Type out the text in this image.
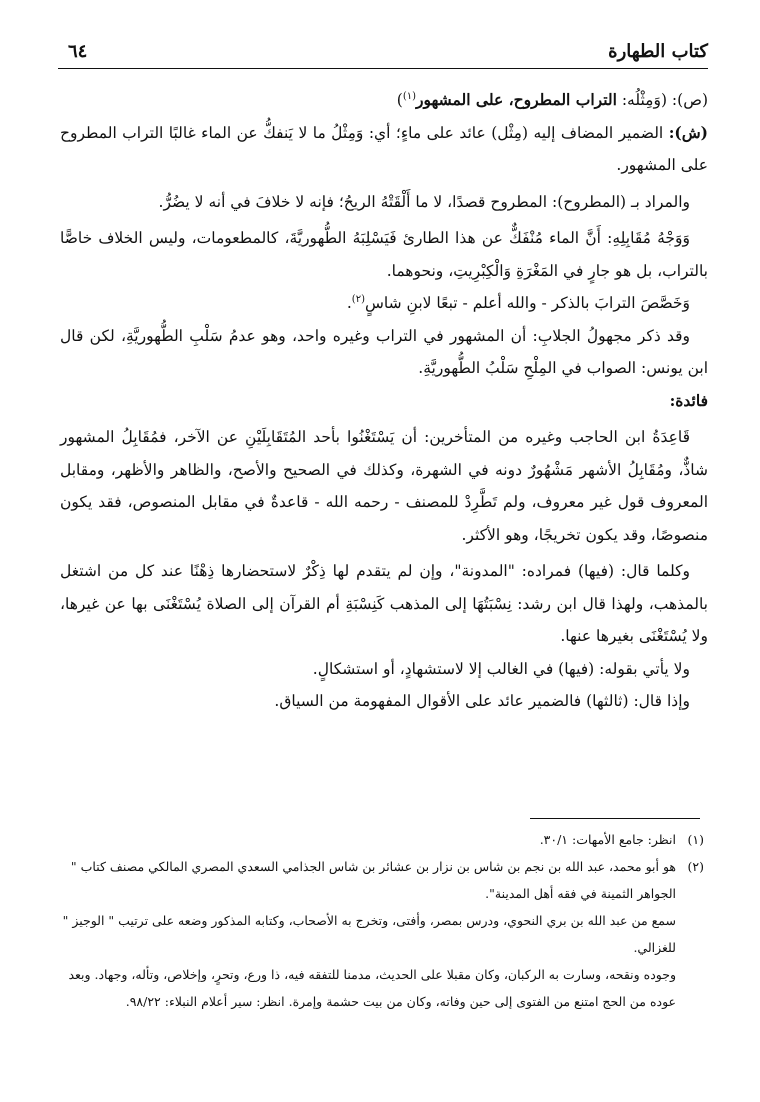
كتاب الطهارة
٦٤

(ص): (وَمِثْلُه: التراب المطروح، على المشهور$^{(١)}$)

(ش): الضمير المضاف إليه (مِثْل) عائد على ماءٍ؛ أي: وَمِثْلُ ما لا يَنفكُّ عن الماء غالبًا التراب المطروح على المشهور.

والمراد بـ (المطروح): المطروح قصدًا، لا ما أَلْقَتْهُ الريحُ؛ فإنه لا خلافَ في أنه لا يضُرُّ.

وَوَجْهُ مُقَابِلِهِ: أَنَّ الماء مُنْفَكٌّ عن هذا الطارئ فَيَسْلِبَهُ الطُّهوريَّةَ، كالمطعومات، وليس الخلاف خاصًّا بالتراب، بل هو جارٍ في المَغْرَةِ وَالْكِبْرِيتِ، ونحوهما.

وَخَصَّصَ الترابَ بالذكر - والله أعلم - تبعًا لابنِ شاسٍ$^{(٢)}$.

وقد ذكر مجهولُ الجلابِ: أن المشهور في التراب وغيره واحد، وهو عدمُ سَلْبِ الطُّهوريَّةِ، لكن قال ابن يونس: الصواب في المِلْحِ سَلْبُ الطُّهوريَّةِ.

فائدة:

قَاعِدَةُ ابن الحاجب وغيره من المتأخرين: أن يَسْتَغْنُوا بأحد المُتَقَابِلَيْنِ عن الآخر، فمُقَابِلُ المشهور شاذٌّ، ومُقَابِلُ الأشهر مَشْهُورٌ دونه في الشهرة، وكذلك في الصحيح والأصح، والظاهر والأظهر، ومقابل المعروف قول غير معروف، ولم تَطَّرِدْ للمصنف - رحمه الله - قاعدةٌ في مقابل المنصوص، فقد يكون منصوصًا، وقد يكون تخريجًا، وهو الأكثر.

وكلما قال: (فيها) فمراده: "المدونة"، وإن لم يتقدم لها ذِكْرٌ لاستحضارها ذِهْنًا عند كل من اشتغل بالمذهب، ولهذا قال ابن رشد: نِسْبَتُهَا إلى المذهب كَنِسْبَةِ أم القرآن إلى الصلاة يُسْتَغْنَى بها عن غيرها، ولا يُسْتَغْنَى بغيرها عنها.

ولا يأتي بقوله: (فيها) في الغالب إلا لاستشهادٍ، أو استشكالٍ.

وإذا قال: (ثالثها) فالضمير عائد على الأقوال المفهومة من السياق.

(١)
انظر: جامع الأمهات: ٣٠/١.
(٢)
هو أبو محمد، عبد الله بن نجم بن شاس بن نزار بن عشائر بن شاس الجذامي السعدي المصري المالكي مصنف كتاب " الجواهر الثمينة في فقه أهل المدينة".
سمع من عبد الله بن بري النحوي، ودرس بمصر، وأفتى، وتخرج به الأصحاب، وكتابه المذكور وضعه على ترتيب " الوجيز " للغزالي.
وجوده ونقحه، وسارت به الركبان، وكان مقبلا على الحديث، مدمنا للتفقه فيه، ذا ورع، وتحرٍ، وإخلاص، وتأله، وجهاد. وبعد عوده من الحج امتنع من الفتوى إلى حين وفاته، وكان من بيت حشمة وإمرة. انظر: سير أعلام النبلاء: ٩٨/٢٢.
